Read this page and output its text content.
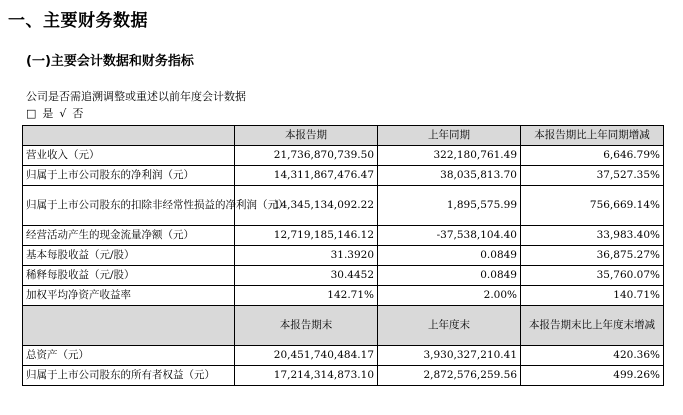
一、主要财务数据
(一)主要会计数据和财务指标
公司是否需追溯调整或重述以前年度会计数据
□ 是 √ 否
	本报告期	上年同期	本报告期比上年同期增减
营业收入（元）	21,736,870,739.50	322,180,761.49	6,646.79%
归属于上市公司股东的净利润（元）	14,311,867,476.47	38,035,813.70	37,527.35%
归属于上市公司股东的扣除非经常性损益的净利润（元）	14,345,134,092.22	1,895,575.99	756,669.14%
经营活动产生的现金流量净额（元）	12,719,185,146.12	-37,538,104.40	33,983.40%
基本每股收益（元/股）	31.3920	0.0849	36,875.27%
稀释每股收益（元/股）	30.4452	0.0849	35,760.07%
加权平均净资产收益率	142.71%	2.00%	140.71%
	本报告期末	上年度末	本报告期末比上年度末增减
总资产（元）	20,451,740,484.17	3,930,327,210.41	420.36%
归属于上市公司股东的所有者权益（元）	17,214,314,873.10	2,872,576,259.56	499.26%
